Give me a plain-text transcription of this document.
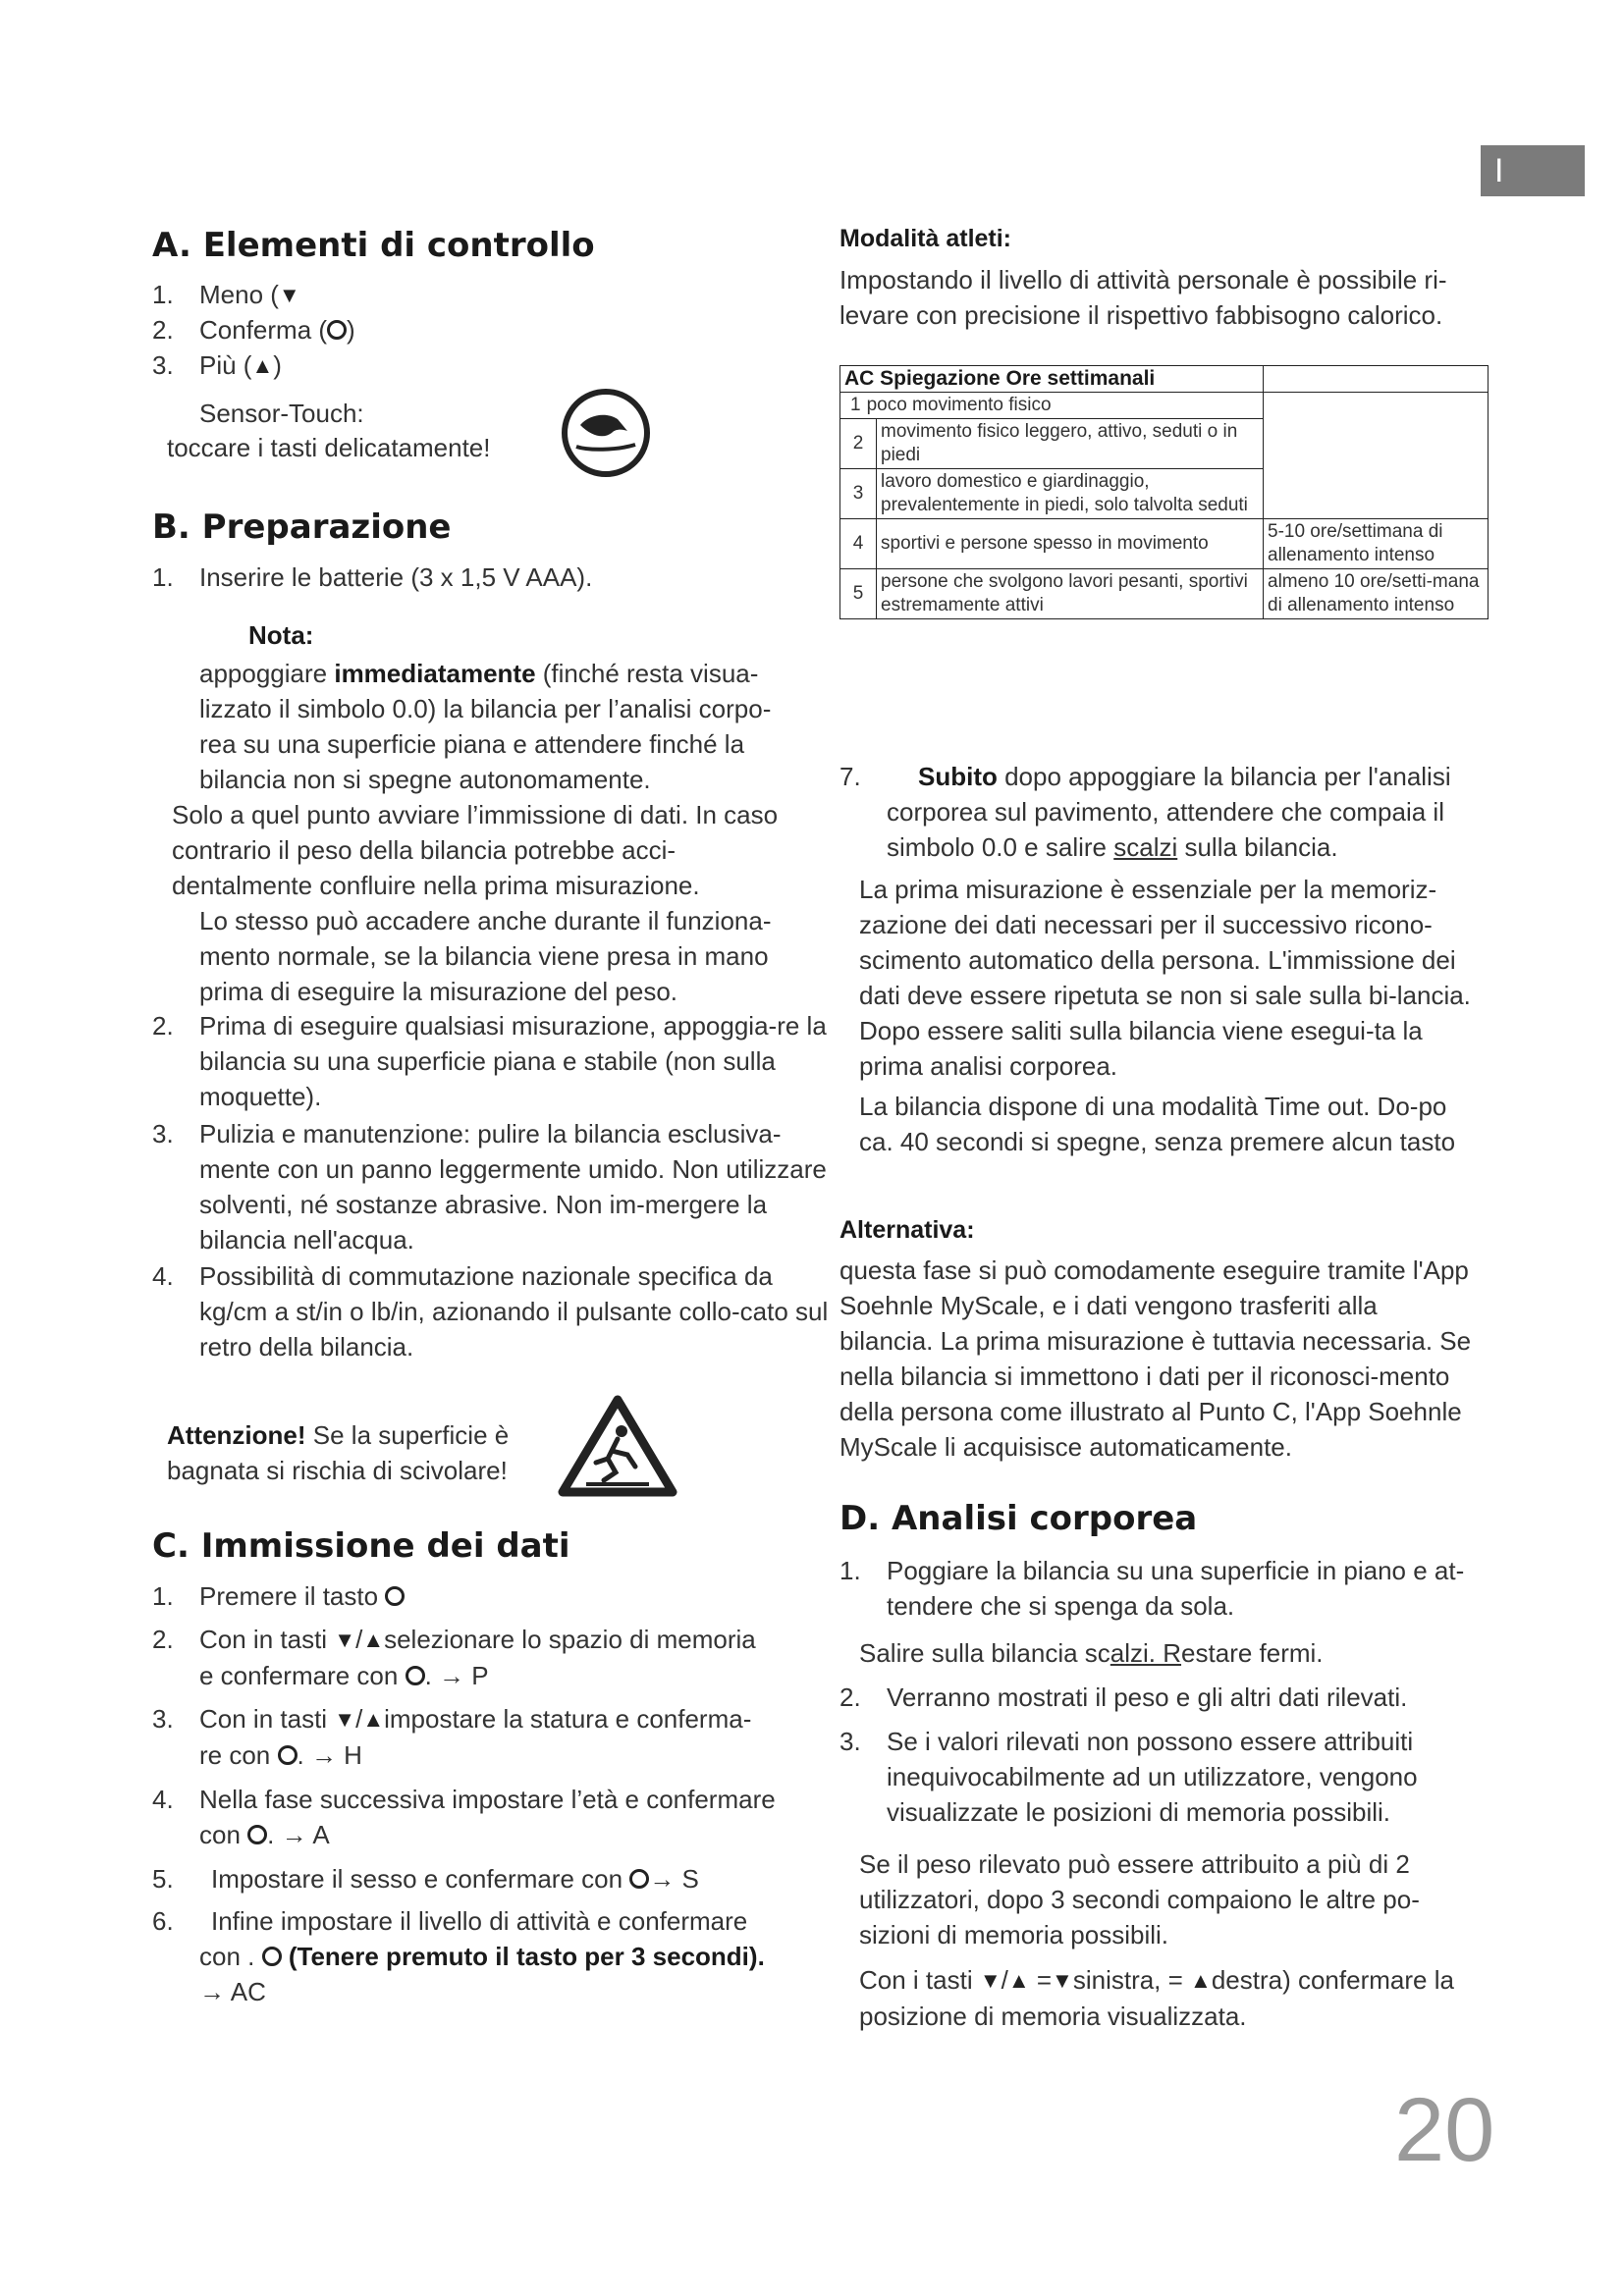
I
A. Elementi di controllo
1. Meno (▼
2. Conferma ( )
3. Più (▲)
Sensor-Touch:
toccare i tasti delicatamente!
B. Preparazione
1. Inserire le batterie (3 x 1,5 V AAA).
Nota:
appoggiare immediatamente (finché resta visua-lizzato il simbolo 0.0) la bilancia per l’analisi corpo-rea su una superficie piana e attendere finché la bilancia non si spegne autonomamente.
Solo a quel punto avviare l’immissione di dati. In caso contrario il peso della bilancia potrebbe acci-dentalmente confluire nella prima misurazione.
Lo stesso può accadere anche durante il funziona-mento normale, se la bilancia viene presa in mano prima di eseguire la misurazione del peso.
2. Prima di eseguire qualsiasi misurazione, appoggia-re la bilancia su una superficie piana e stabile (non sulla moquette).
3. Pulizia e manutenzione: pulire la bilancia esclusiva-mente con un panno leggermente umido. Non utilizzare solventi, né sostanze abrasive. Non im-mergere la bilancia nell'acqua.
4. Possibilità di commutazione nazionale specifica da kg/cm a st/in o lb/in, azionando il pulsante collo-cato sul retro della bilancia.
Attenzione! Se la superficie è bagnata si rischia di scivolare!
C. Immissione dei dati
1. Premere il tasto
2. Con in tasti ▼/▲selezionare lo spazio di memoria
e confermare con . → P
3. Con in tasti ▼/▲impostare la statura e conferma-
re con . → H
4. Nella fase successiva impostare l’età e confermare
con . → A
5. Impostare il sesso e confermare con → S
6. Infine impostare il livello di attività e confermare
con . (Tenere premuto il tasto per 3 secondi).
→ AC
Modalità atleti:
Impostando il livello di attività personale è possibile ri-levare con precisione il rispettivo fabbisogno calorico.
AC Spiegazione Ore settimanali		
1 poco movimento fisico		
2	movimento fisico leggero, attivo, seduti o in piedi	
3	lavoro domestico e giardinaggio, prevalentemente in piedi, solo talvolta seduti	
4	sportivi e persone spesso in movimento	5-10 ore/settimana di allenamento intenso
5	persone che svolgono lavori pesanti, sportivi estremamente attivi	almeno 10 ore/setti-mana di allenamento intenso
7. Subito dopo appoggiare la bilancia per l'analisi corporea sul pavimento, attendere che compaia il simbolo 0.0 e salire scalzi sulla bilancia.
La prima misurazione è essenziale per la memoriz-zazione dei dati necessari per il successivo ricono-scimento automatico della persona. L'immissione dei dati deve essere ripetuta se non si sale sulla bi-lancia. Dopo essere saliti sulla bilancia viene esegui-ta la prima analisi corporea.
La bilancia dispone di una modalità Time out. Do-po ca. 40 secondi si spegne, senza premere alcun tasto
Alternativa:
questa fase si può comodamente eseguire tramite l'App Soehnle MyScale, e i dati vengono trasferiti alla bilancia. La prima misurazione è tuttavia necessaria. Se nella bilancia si immettono i dati per il riconosci-mento della persona come illustrato al Punto C, l'App Soehnle MyScale li acquisisce automaticamente.
D. Analisi corporea
1. Poggiare la bilancia su una superficie in piano e at-tendere che si spenga da sola.
Salire sulla bilancia scalzi. Restare fermi.
2. Verranno mostrati il peso e gli altri dati rilevati.
3. Se i valori rilevati non possono essere attribuiti inequivocabilmente ad un utilizzatore, vengono visualizzate le posizioni di memoria possibili.
Se il peso rilevato può essere attribuito a più di 2 utilizzatori, dopo 3 secondi compaiono le altre po-sizioni di memoria possibili.
Con i tasti ▼/▲ =▼sinistra, = ▲destra) confermare la posizione di memoria visualizzata.
20
